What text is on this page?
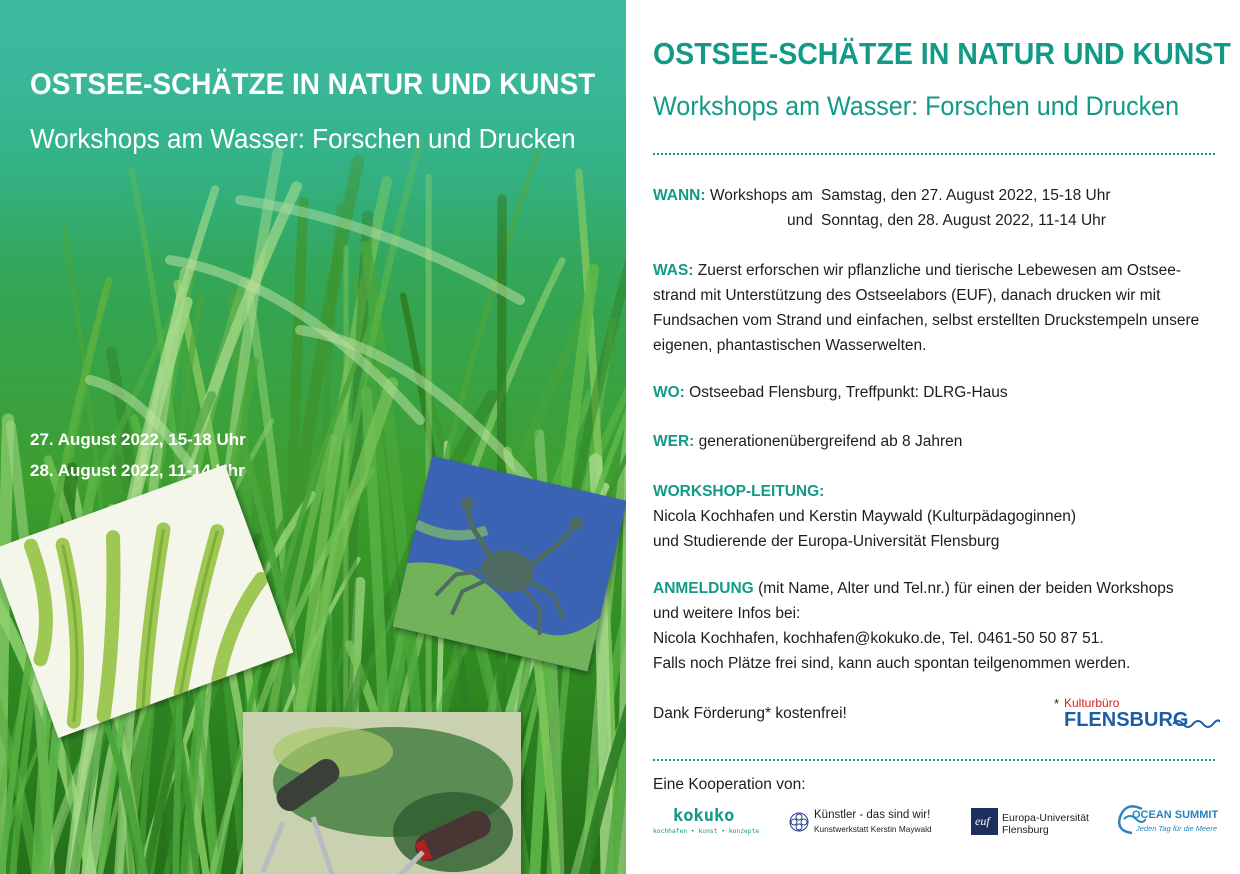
OSTSEE-SCHÄTZE IN NATUR UND KUNST
Workshops am Wasser: Forschen und Drucken
27. August 2022, 15-18 Uhr
28. August 2022, 11-14 Uhr
OSTSEE-SCHÄTZE IN NATUR UND KUNST
Workshops am Wasser: Forschen und Drucken
WANN: Workshops am Samstag, den 27. August 2022, 15-18 Uhr
und Sonntag, den 28. August 2022, 11-14 Uhr

WAS: Zuerst erforschen wir pflanzliche und tierische Lebewesen am Ostsee-
strand mit Unterstützung des Ostseelabors (EUF), danach drucken wir mit
Fundsachen vom Strand und einfachen, selbst erstellten Druckstempeln unsere
eigenen, phantastischen Wasserwelten.
WO: Ostseebad Flensburg, Treffpunkt: DLRG-Haus
WER: generationenübergreifend ab 8 Jahren
WORKSHOP-LEITUNG:
Nicola Kochhafen und Kerstin Maywald (Kulturpädagoginnen)
und Studierende der Europa-Universität Flensburg
ANMELDUNG (mit Name, Alter und Tel.nr.) für einen der beiden Workshops
und weitere Infos bei:
Nicola Kochhafen, kochhafen@kokuko.de, Tel. 0461-50 50 87 51.
Falls noch Plätze frei sind, kann auch spontan teilgenommen werden.
Dank Förderung* kostenfrei!
* Kulturbüro
FLENSBURG
Eine Kooperation von:
kokuko
kochhafen • kunst • konzepte
Künstler - das sind wir!
Kunstwerkstatt Kerstin Maywald
euf Europa-Universität
Flensburg
OCEAN SUMMIT
Jeden Tag für die Meere
